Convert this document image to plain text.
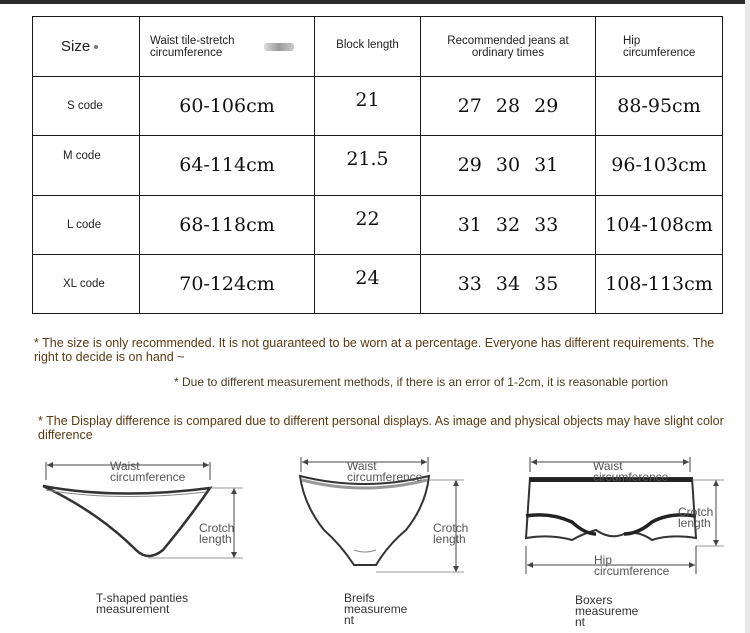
Size	Waist tile-stretch circumference	Block length	Recommended jeans at ordinary times	Hip circumference
S code	60-106cm	21	27 28 29	88-95cm
M code	64-114cm	21.5	29 30 31	96-103cm
L code	68-118cm	22	31 32 33	104-108cm
XL code	70-124cm	24	33 34 35	108-113cm
* The size is only recommended. It is not guaranteed to be worn at a percentage. Everyone has different requirements. The right to decide is on hand ~
* Due to different measurement methods, if there is an error of 1-2cm, it is reasonable portion
* The Display difference is compared due to different personal displays. As image and physical objects may have slight color difference
Waist circumference
Crotch length
T-shaped panties measurement
Waist circumference
Crotch length
Breifs measureme nt
Waist circumference
Crotch length
Hip circumference
Boxers measureme nt
